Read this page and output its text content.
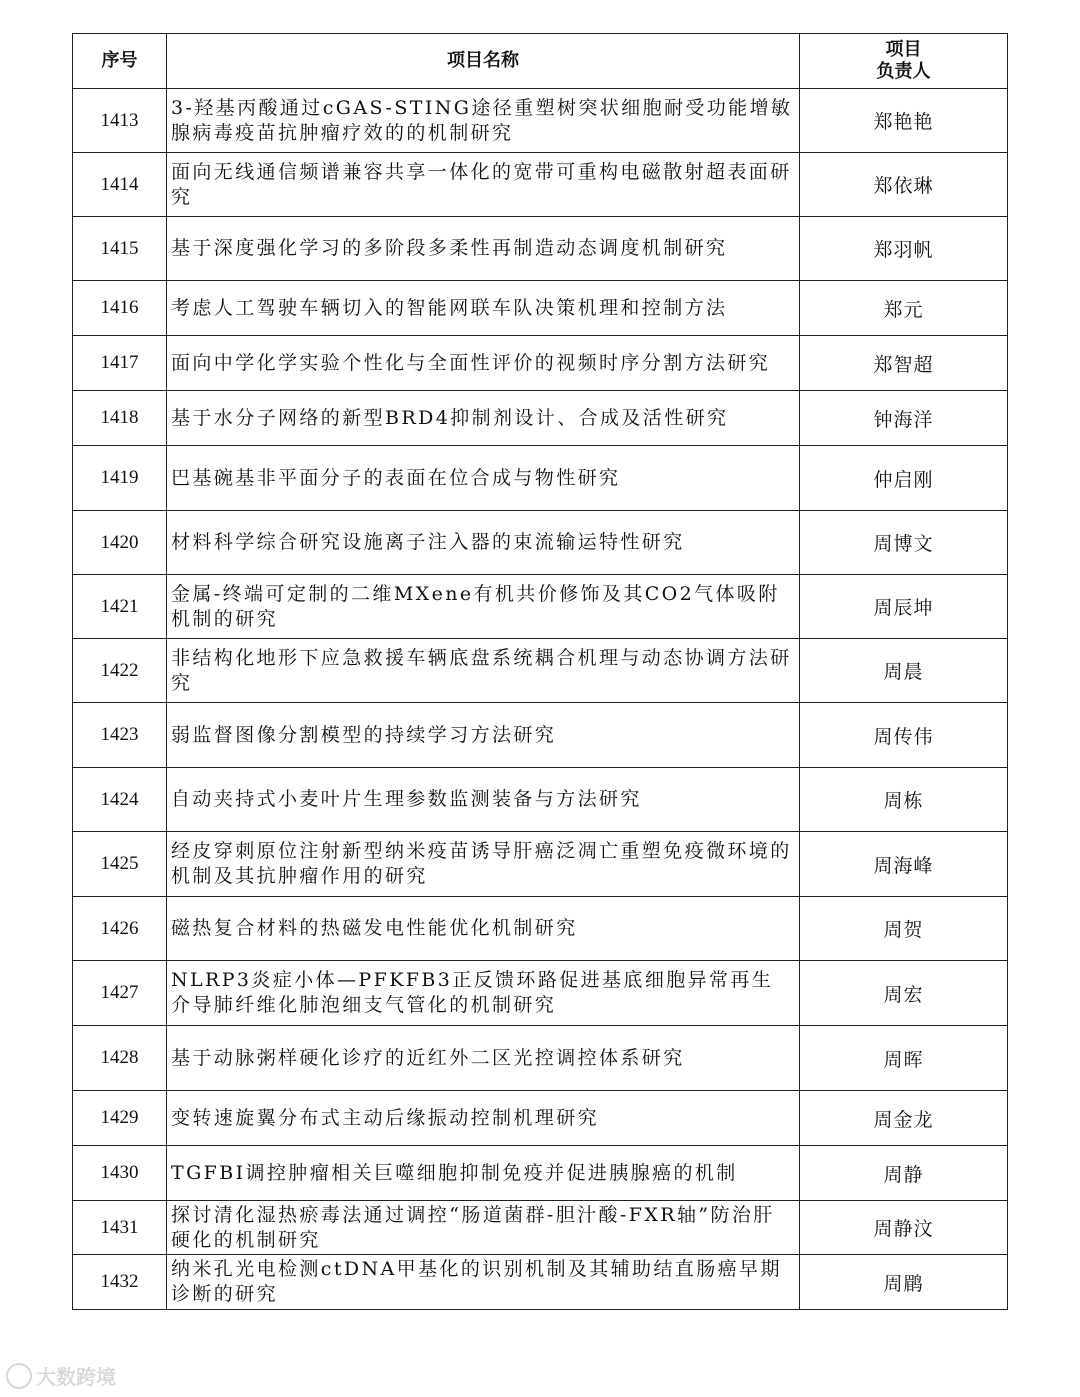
序号	项目名称	项目
负责人

1413	3-羟基丙酸通过cGAS-STING途径重塑树突状细胞耐受功能增敏腺病毒疫苗抗肿瘤疗效的的机制研究	郑艳艳
1414	面向无线通信频谱兼容共享一体化的宽带可重构电磁散射超表面研究	郑依琳
1415	基于深度强化学习的多阶段多柔性再制造动态调度机制研究	郑羽帆
1416	考虑人工驾驶车辆切入的智能网联车队决策机理和控制方法	郑元
1417	面向中学化学实验个性化与全面性评价的视频时序分割方法研究	郑智超
1418	基于水分子网络的新型BRD4抑制剂设计、合成及活性研究	钟海洋
1419	巴基碗基非平面分子的表面在位合成与物性研究	仲启刚
1420	材料科学综合研究设施离子注入器的束流输运特性研究	周博文
1421	金属-终端可定制的二维MXene有机共价修饰及其CO2气体吸附机制的研究	周辰坤
1422	非结构化地形下应急救援车辆底盘系统耦合机理与动态协调方法研究	周晨
1423	弱监督图像分割模型的持续学习方法研究	周传伟
1424	自动夹持式小麦叶片生理参数监测装备与方法研究	周栋
1425	经皮穿刺原位注射新型纳米疫苗诱导肝癌泛凋亡重塑免疫微环境的机制及其抗肿瘤作用的研究	周海峰
1426	磁热复合材料的热磁发电性能优化机制研究	周贺
1427	NLRP3炎症小体—PFKFB3正反馈环路促进基底细胞异常再生介导肺纤维化肺泡细支气管化的机制研究	周宏
1428	基于动脉粥样硬化诊疗的近红外二区光控调控体系研究	周晖
1429	变转速旋翼分布式主动后缘振动控制机理研究	周金龙
1430	TGFBI调控肿瘤相关巨噬细胞抑制免疫并促进胰腺癌的机制	周静
1431	探讨清化湿热瘀毒法通过调控“肠道菌群-胆汁酸-FXR轴”防治肝硬化的机制研究	周静汶
1432	纳米孔光电检测ctDNA甲基化的识别机制及其辅助结直肠癌早期诊断的研究	周鹛
大数跨境
